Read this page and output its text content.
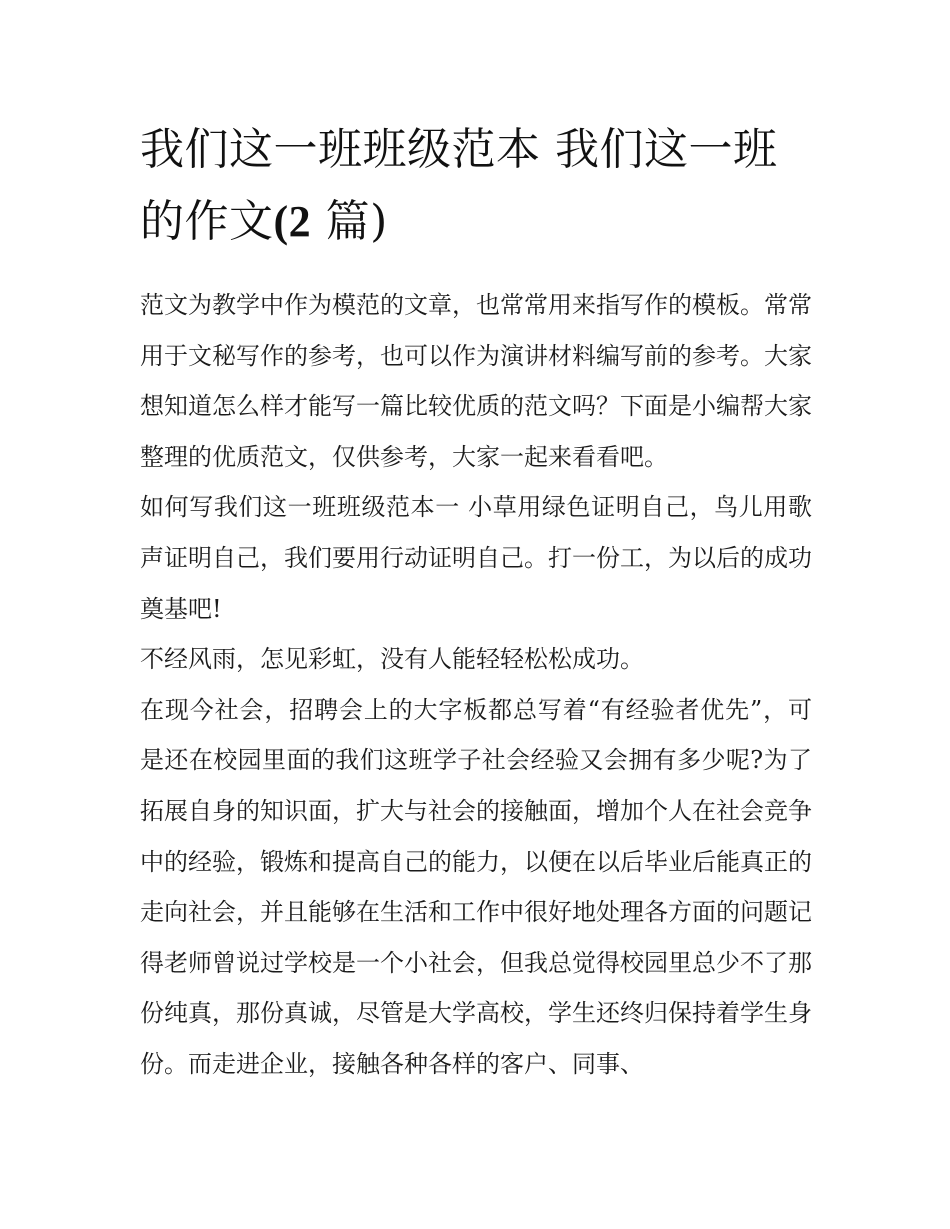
我们这一班班级范本 我们这一班的作文(2 篇)

范文为教学中作为模范的文章，也常常用来指写作的模板。常常用于文秘写作的参考，也可以作为演讲材料编写前的参考。大家想知道怎么样才能写一篇比较优质的范文吗？下面是小编帮大家整理的优质范文，仅供参考，大家一起来看看吧。

如何写我们这一班班级范本一 小草用绿色证明自己，鸟儿用歌声证明自己，我们要用行动证明自己。打一份工，为以后的成功奠基吧!

不经风雨，怎见彩虹，没有人能轻轻松松成功。

在现今社会，招聘会上的大字板都总写着“有经验者优先”，可是还在校园里面的我们这班学子社会经验又会拥有多少呢?为了拓展自身的知识面，扩大与社会的接触面，增加个人在社会竞争中的经验，锻炼和提高自己的能力，以便在以后毕业后能真正的走向社会，并且能够在生活和工作中很好地处理各方面的问题记得老师曾说过学校是一个小社会，但我总觉得校园里总少不了那份纯真，那份真诚，尽管是大学高校，学生还终归保持着学生身份。而走进企业，接触各种各样的客户、同事、
